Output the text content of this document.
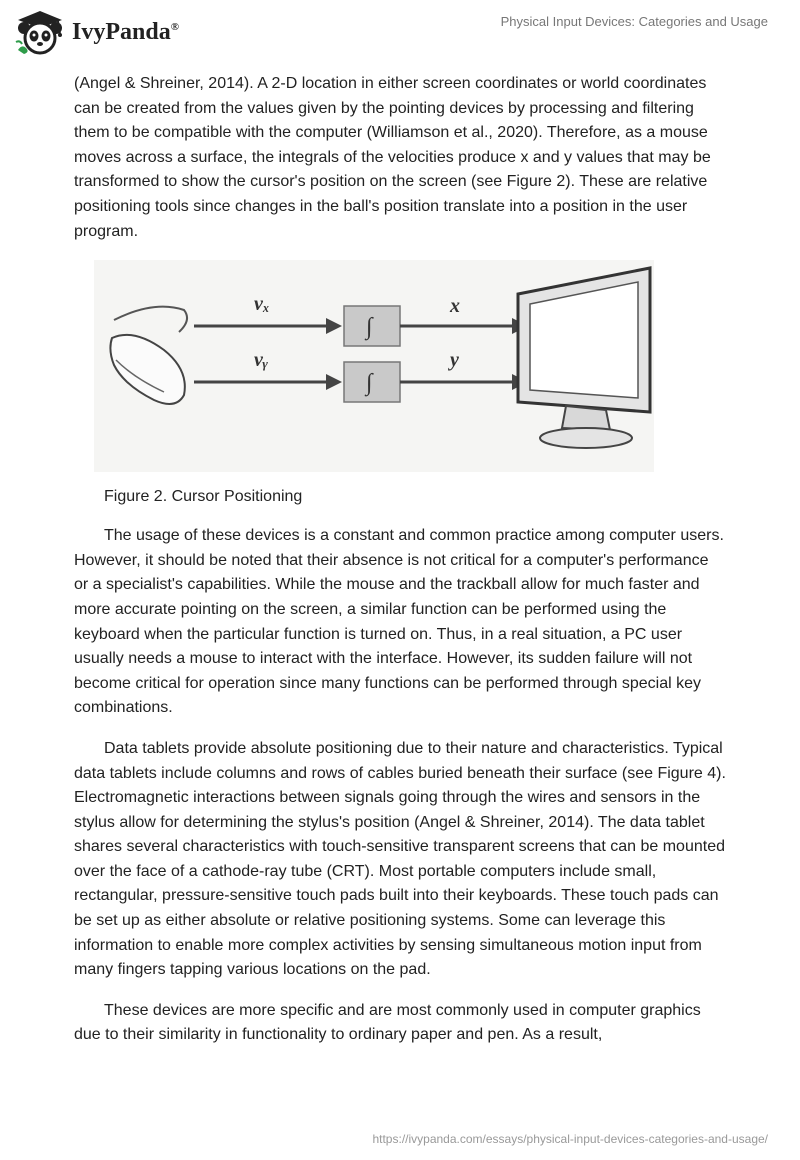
IvyPanda®	Physical Input Devices: Categories and Usage

(Angel & Shreiner, 2014). A 2-D location in either screen coordinates or world coordinates can be created from the values given by the pointing devices by processing and filtering them to be compatible with the computer (Williamson et al., 2020). Therefore, as a mouse moves across a surface, the integrals of the velocities produce x and y values that may be transformed to show the cursor's position on the screen (see Figure 2). These are relative positioning tools since changes in the ball's position translate into a position in the user program.

vₓ
vᵧ
∫
∫
x
y
Figure 2. Cursor Positioning

The usage of these devices is a constant and common practice among computer users. However, it should be noted that their absence is not critical for a computer's performance or a specialist's capabilities. While the mouse and the trackball allow for much faster and more accurate pointing on the screen, a similar function can be performed using the keyboard when the particular function is turned on. Thus, in a real situation, a PC user usually needs a mouse to interact with the interface. However, its sudden failure will not become critical for operation since many functions can be performed through special key combinations.

Data tablets provide absolute positioning due to their nature and characteristics. Typical data tablets include columns and rows of cables buried beneath their surface (see Figure 4). Electromagnetic interactions between signals going through the wires and sensors in the stylus allow for determining the stylus's position (Angel & Shreiner, 2014). The data tablet shares several characteristics with touch-sensitive transparent screens that can be mounted over the face of a cathode-ray tube (CRT). Most portable computers include small, rectangular, pressure-sensitive touch pads built into their keyboards. These touch pads can be set up as either absolute or relative positioning systems. Some can leverage this information to enable more complex activities by sensing simultaneous motion input from many fingers tapping various locations on the pad.

These devices are more specific and are most commonly used in computer graphics due to their similarity in functionality to ordinary paper and pen. As a result,

https://ivypanda.com/essays/physical-input-devices-categories-and-usage/
